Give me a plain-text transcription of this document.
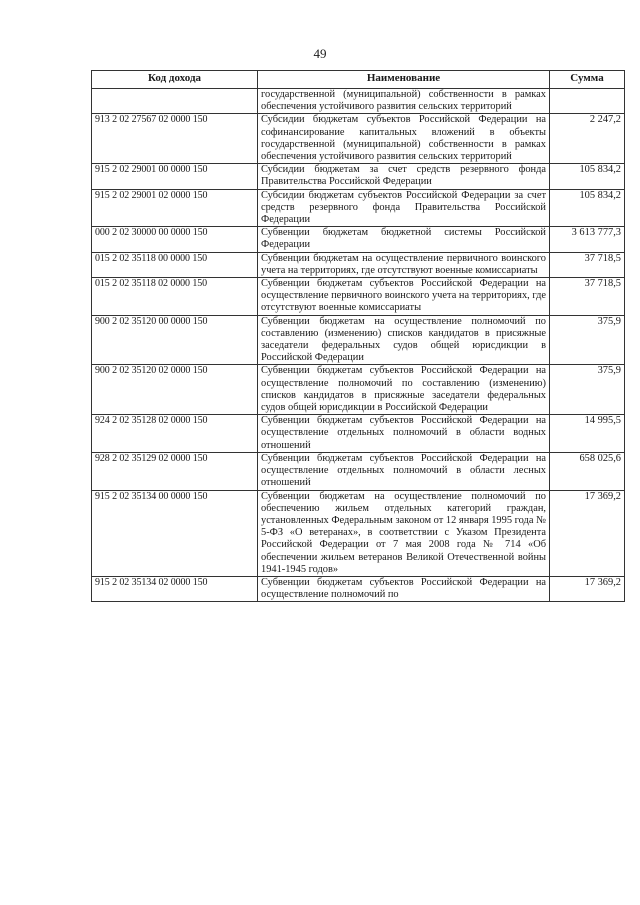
49
Код дохода	Наименование	Сумма
	государственной (муниципальной) собственности в рамках обеспечения устойчивого развития сельских территорий	
913 2 02 27567 02 0000 150	Субсидии бюджетам субъектов Российской Федерации на софинансирование капитальных вложений в объекты государственной (муниципальной) собственности в рамках обеспечения устойчивого развития сельских территорий	2 247,2
915 2 02 29001 00 0000 150	Субсидии бюджетам за счет средств резервного фонда Правительства Российской Федерации	105 834,2
915 2 02 29001 02 0000 150	Субсидии бюджетам субъектов Российской Федерации за счет средств резервного фонда Правительства Российской Федерации	105 834,2
000 2 02 30000 00 0000 150	Субвенции бюджетам бюджетной системы Российской Федерации	3 613 777,3
015 2 02 35118 00 0000 150	Субвенции бюджетам на осуществление первичного воинского учета на территориях, где отсутствуют военные комиссариаты	37 718,5
015 2 02 35118 02 0000 150	Субвенции бюджетам субъектов Российской Федерации на осуществление первичного воинского учета на территориях, где отсутствуют военные комиссариаты	37 718,5
900 2 02 35120 00 0000 150	Субвенции бюджетам на осуществление полномочий по составлению (изменению) списков кандидатов в присяжные заседатели федеральных судов общей юрисдикции в Российской Федерации	375,9
900 2 02 35120 02 0000 150	Субвенции бюджетам субъектов Российской Федерации на осуществление полномочий по составлению (изменению) списков кандидатов в присяжные заседатели федеральных судов общей юрисдикции в Российской Федерации	375,9
924 2 02 35128 02 0000 150	Субвенции бюджетам субъектов Российской Федерации на осуществление отдельных полномочий в области водных отношений	14 995,5
928 2 02 35129 02 0000 150	Субвенции бюджетам субъектов Российской Федерации на осуществление отдельных полномочий в области лесных отношений	658 025,6
915 2 02 35134 00 0000 150	Субвенции бюджетам на осуществление полномочий по обеспечению жильем отдельных категорий граждан, установленных Федеральным законом от 12 января 1995 года № 5-ФЗ «О ветеранах», в соответствии с Указом Президента Российской Федерации от 7 мая 2008 года № 714 «Об обеспечении жильем ветеранов Великой Отечественной войны 1941-1945 годов»	17 369,2
915 2 02 35134 02 0000 150	Субвенции бюджетам субъектов Российской Федерации на осуществление полномочий по	17 369,2
